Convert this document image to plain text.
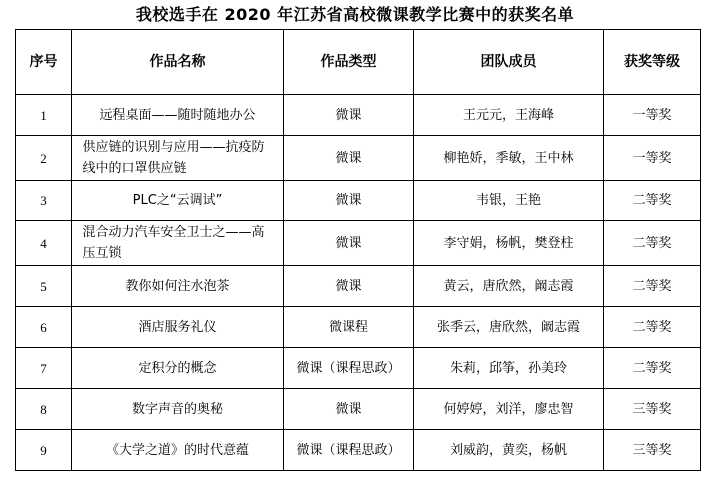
我校选手在 2020 年江苏省高校微课教学比赛中的获奖名单
序号	作品名称	作品类型	团队成员	获奖等级
1	远程桌面——随时随地办公	微课	王元元，王海峰	一等奖
2	供应链的识别与应用——抗疫防线中的口罩供应链	微课	柳艳娇，季敏，王中林	一等奖
3	PLC之“云调试”	微课	韦银，王艳	二等奖
4	混合动力汽车安全卫士之——高压互锁	微课	李守娟，杨帆，樊登柱	二等奖
5	教你如何注水泡茶	微课	黄云，唐欣然，阚志霞	二等奖
6	酒店服务礼仪	微课程	张季云，唐欣然，阚志霞	二等奖
7	定积分的概念	微课（课程思政）	朱莉，邱筝，孙美玲	二等奖
8	数字声音的奥秘	微课	何婷婷，刘洋，廖忠智	三等奖
9	《大学之道》的时代意蕴	微课（课程思政）	刘威韵，黄奕，杨帆	三等奖
